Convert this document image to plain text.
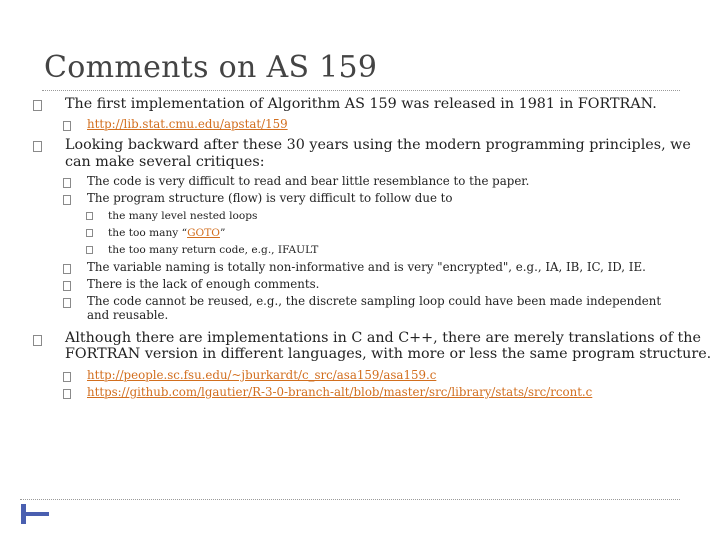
Comments on AS 159
The first implementation of Algorithm AS 159 was released in 1981 in FORTRAN.
http://lib.stat.cmu.edu/apstat/159
Looking backward after these 30 years using the modern programming principles, we
can make several critiques:
The code is very difficult to read and bear little resemblance to the paper.
The program structure (flow) is very difficult to follow due to
the many level nested loops
the too many “GOTO”
the too many return code, e.g., IFAULT
The variable naming is totally non-informative and is very "encrypted", e.g., IA, IB, IC, ID, IE.
There is the lack of enough comments.
The code cannot be reused, e.g., the discrete sampling loop could have been made independent
and reusable.
Although there are implementations in C and C++, there are merely translations of the
FORTRAN version in different languages, with more or less the same program structure.
http://people.sc.fsu.edu/~jburkardt/c_src/asa159/asa159.c
https://github.com/lgautier/R-3-0-branch-alt/blob/master/src/library/stats/src/rcont.c
